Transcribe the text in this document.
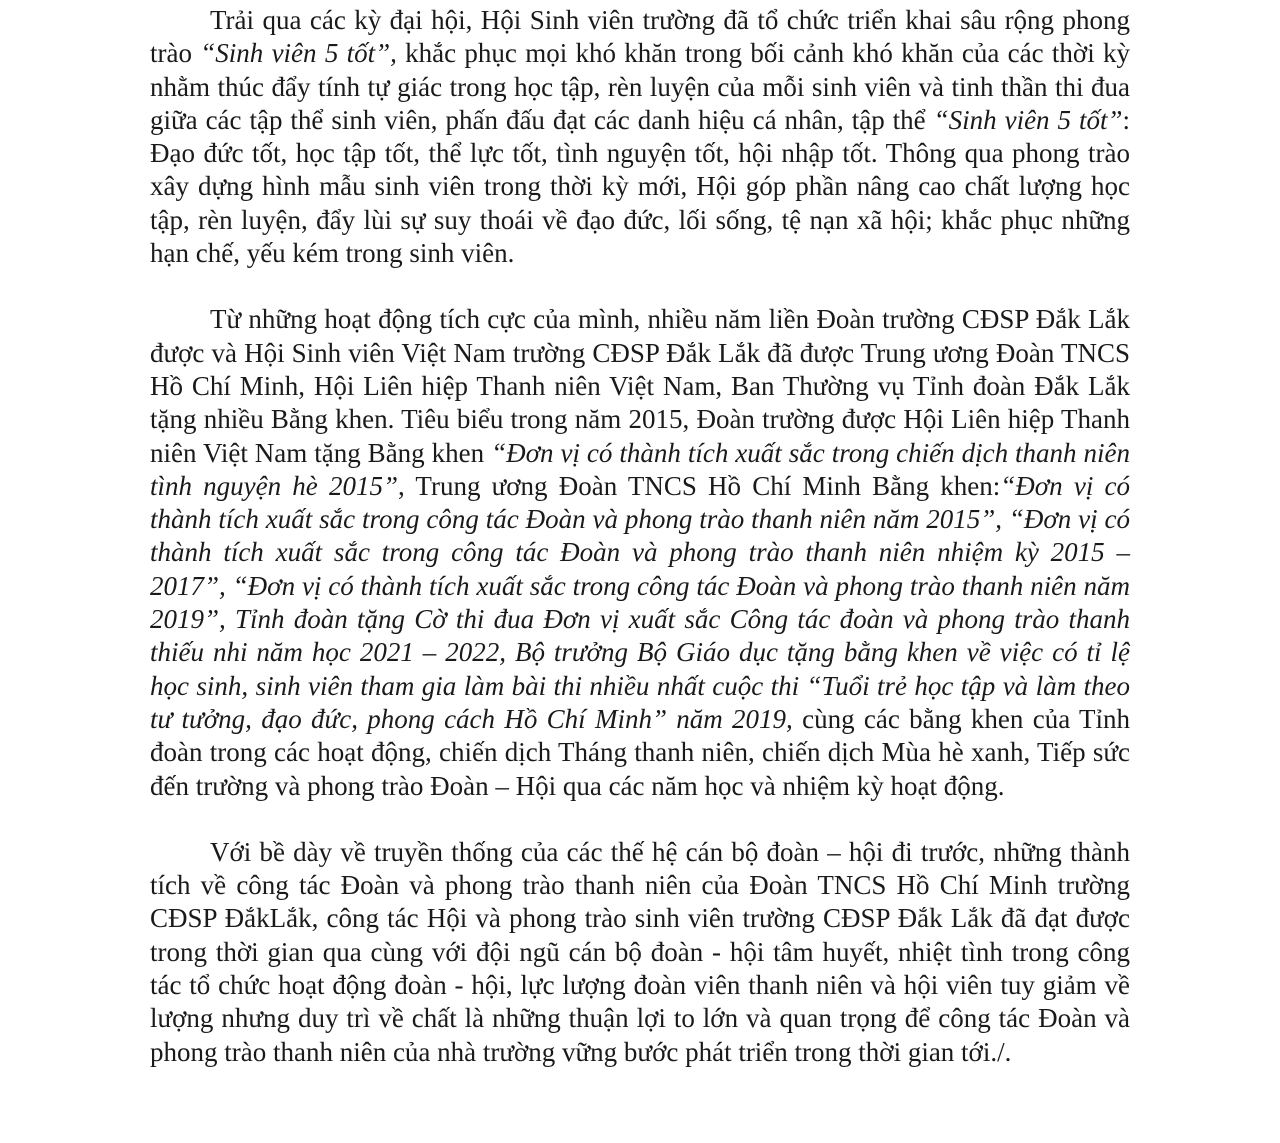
Trải qua các kỳ đại hội, Hội Sinh viên trường đã tổ chức triển khai sâu rộng phong trào “Sinh viên 5 tốt”, khắc phục mọi khó khăn trong bối cảnh khó khăn của các thời kỳ nhằm thúc đẩy tính tự giác trong học tập, rèn luyện của mỗi sinh viên và tinh thần thi đua giữa các tập thể sinh viên, phấn đấu đạt các danh hiệu cá nhân, tập thể “Sinh viên 5 tốt”: Đạo đức tốt, học tập tốt, thể lực tốt, tình nguyện tốt, hội nhập tốt. Thông qua phong trào xây dựng hình mẫu sinh viên trong thời kỳ mới, Hội góp phần nâng cao chất lượng học tập, rèn luyện, đẩy lùi sự suy thoái về đạo đức, lối sống, tệ nạn xã hội; khắc phục những hạn chế, yếu kém trong sinh viên.

Từ những hoạt động tích cực của mình, nhiều năm liền Đoàn trường CĐSP Đắk Lắk được và Hội Sinh viên Việt Nam trường CĐSP Đắk Lắk đã được Trung ương Đoàn TNCS Hồ Chí Minh, Hội Liên hiệp Thanh niên Việt Nam, Ban Thường vụ Tỉnh đoàn Đắk Lắk tặng nhiều Bằng khen. Tiêu biểu trong năm 2015, Đoàn trường được Hội Liên hiệp Thanh niên Việt Nam tặng Bằng khen “Đơn vị có thành tích xuất sắc trong chiến dịch thanh niên tình nguyện hè 2015”, Trung ương Đoàn TNCS Hồ Chí Minh Bằng khen:“Đơn vị có thành tích xuất sắc trong công tác Đoàn và phong trào thanh niên năm 2015”, “Đơn vị có thành tích xuất sắc trong công tác Đoàn và phong trào thanh niên nhiệm kỳ 2015 – 2017”, “Đơn vị có thành tích xuất sắc trong công tác Đoàn và phong trào thanh niên năm 2019”, Tỉnh đoàn tặng Cờ thi đua Đơn vị xuất sắc Công tác đoàn và phong trào thanh thiếu nhi năm học 2021 – 2022, Bộ trưởng Bộ Giáo dục tặng bằng khen về việc có tỉ lệ học sinh, sinh viên tham gia làm bài thi nhiều nhất cuộc thi “Tuổi trẻ học tập và làm theo tư tưởng, đạo đức, phong cách Hồ Chí Minh” năm 2019, cùng các bằng khen của Tỉnh đoàn trong các hoạt động, chiến dịch Tháng thanh niên, chiến dịch Mùa hè xanh, Tiếp sức đến trường và phong trào Đoàn – Hội qua các năm học và nhiệm kỳ hoạt động.

Với bề dày về truyền thống của các thế hệ cán bộ đoàn – hội đi trước, những thành tích về công tác Đoàn và phong trào thanh niên của Đoàn TNCS Hồ Chí Minh trường CĐSP ĐắkLắk, công tác Hội và phong trào sinh viên trường CĐSP Đắk Lắk đã đạt được trong thời gian qua cùng với đội ngũ cán bộ đoàn - hội tâm huyết, nhiệt tình trong công tác tổ chức hoạt động đoàn - hội, lực lượng đoàn viên thanh niên và hội viên tuy giảm về lượng nhưng duy trì về chất là những thuận lợi to lớn và quan trọng để công tác Đoàn và phong trào thanh niên của nhà trường vững bước phát triển trong thời gian tới./.
